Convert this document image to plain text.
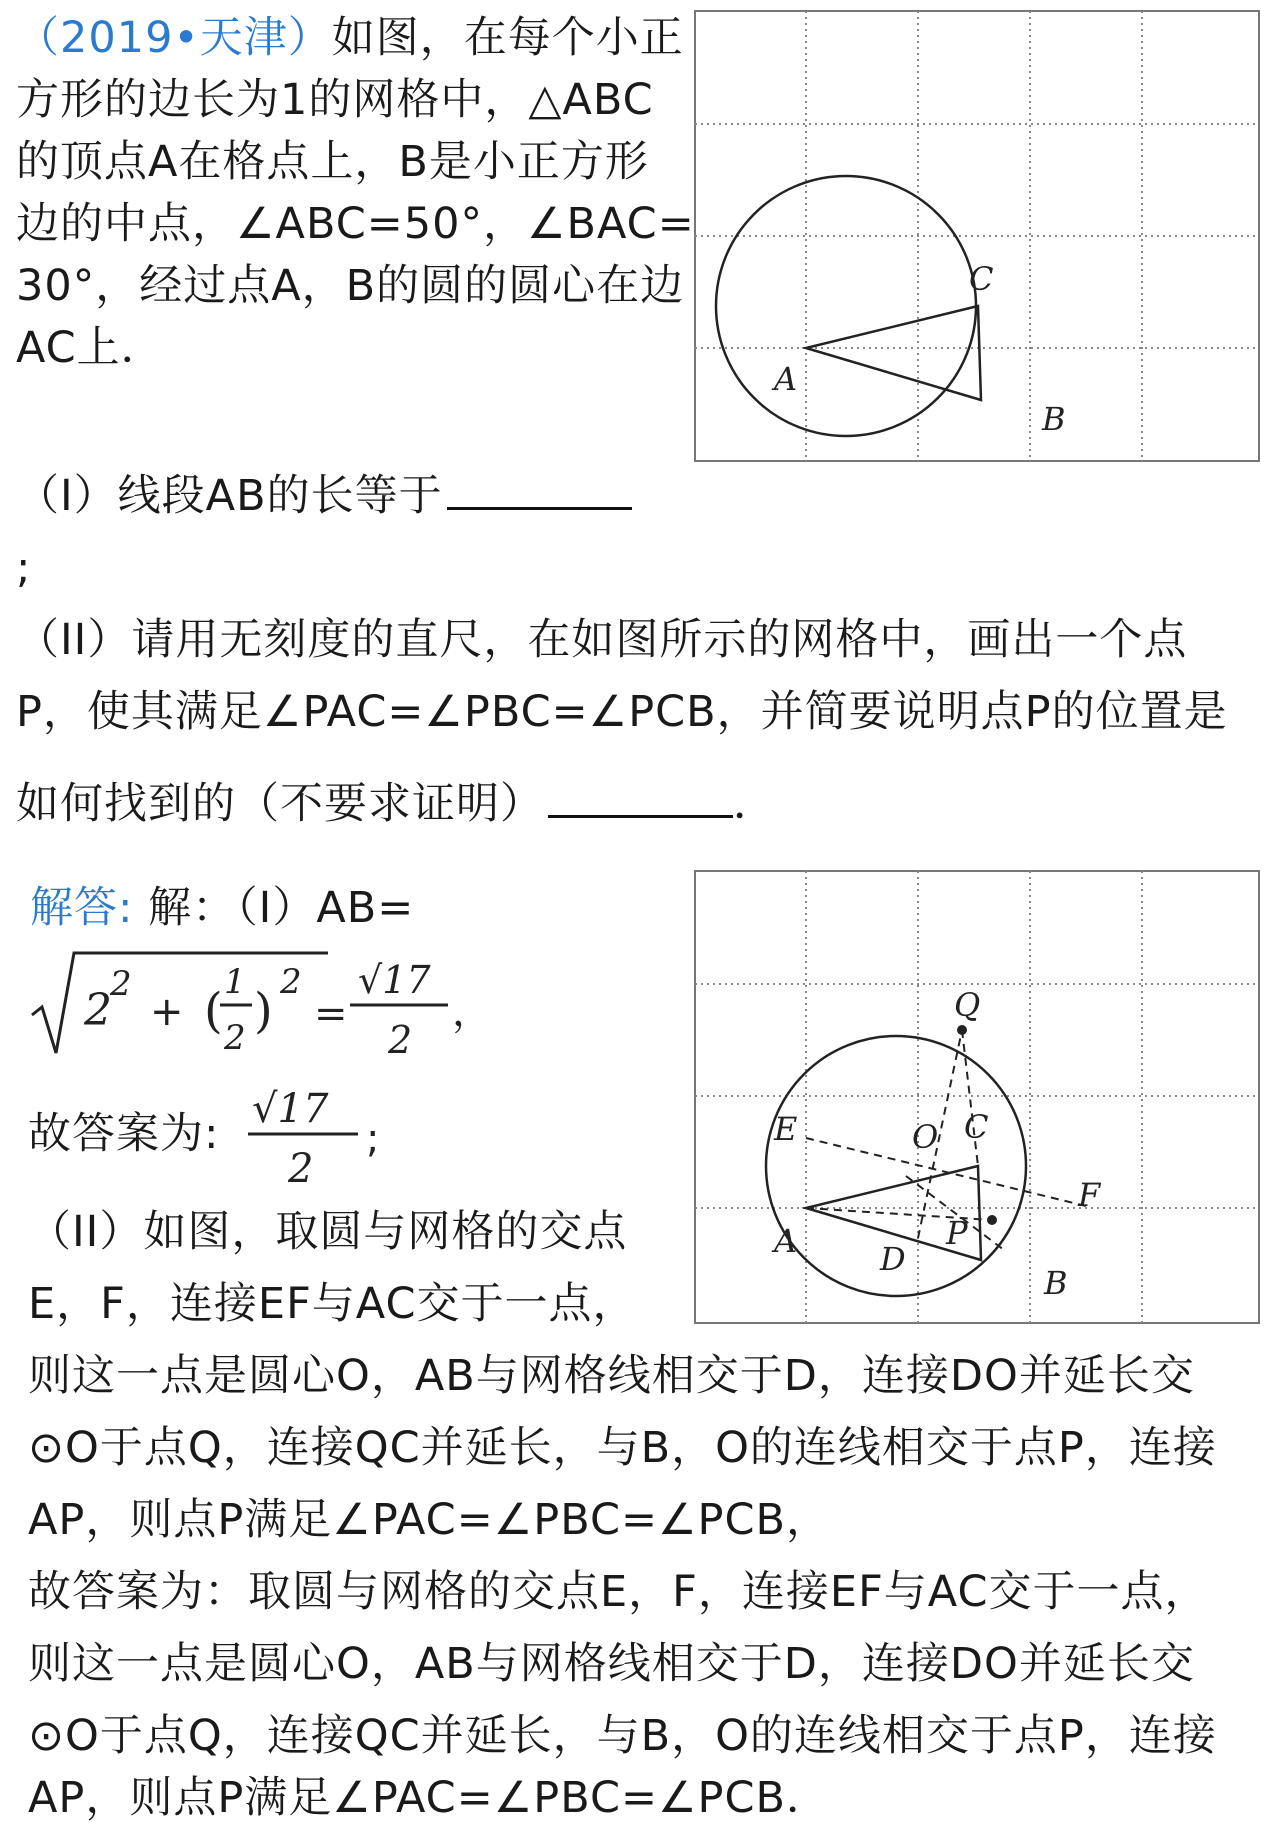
（2019•天津）如图，在每个小正
方形的边长为1的网格中，△ABC
的顶点A在格点上，B是小正方形
边的中点，∠ABC=50°，∠BAC=
30°，经过点A，B的圆的圆心在边
AC上．
（I）线段AB的长等于
;
（II）请用无刻度的直尺，在如图所示的网格中，画出一个点
P，使其满足∠PAC=∠PBC=∠PCB，并简要说明点P的位置是
如何找到的（不要求证明）	．
A
B
C
解答: 解：（I）AB=
2
2
+ (
1
2 )
2
=
√17
2
，
故答案为: √17
2
;
（II）如图，取圆与网格的交点
E，F，连接EF与AC交于一点，
则这一点是圆心O，AB与网格线相交于D，连接DO并延长交
⊙O于点Q，连接QC并延长，与B，O的连线相交于点P，连接
AP，则点P满足∠PAC=∠PBC=∠PCB，
故答案为：取圆与网格的交点E，F，连接EF与AC交于一点，
则这一点是圆心O，AB与网格线相交于D，连接DO并延长交
⊙O于点Q，连接QC并延长，与B，O的连线相交于点P，连接
AP，则点P满足∠PAC=∠PBC=∠PCB．
A
B
C
D
E
F
O
P
Q
